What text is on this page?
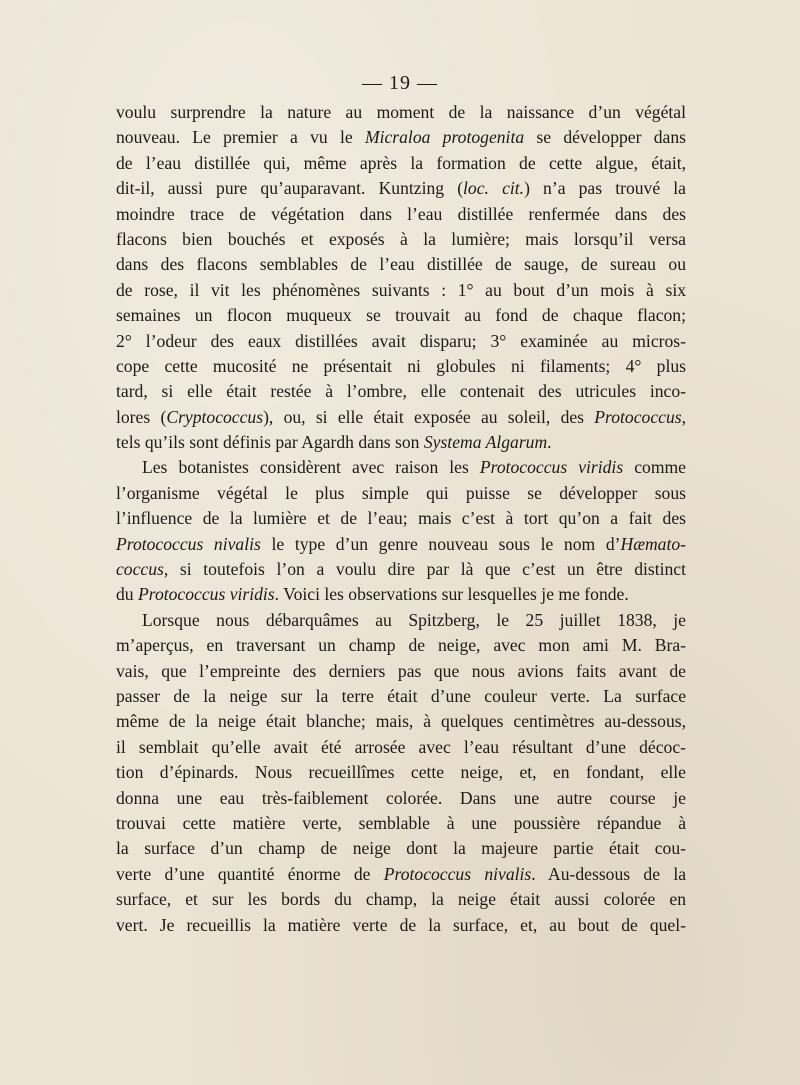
— 19 —
voulu surprendre la nature au moment de la naissance d’un végétal
nouveau. Le premier a vu le Micraloa protogenita se développer dans
de l’eau distillée qui, même après la formation de cette algue, était,
dit-il, aussi pure qu’auparavant. Kuntzing (loc. cit.) n’a pas trouvé la
moindre trace de végétation dans l’eau distillée renfermée dans des
flacons bien bouchés et exposés à la lumière; mais lorsqu’il versa
dans des flacons semblables de l’eau distillée de sauge, de sureau ou
de rose, il vit les phénomènes suivants : 1° au bout d’un mois à six
semaines un flocon muqueux se trouvait au fond de chaque flacon;
2° l’odeur des eaux distillées avait disparu; 3° examinée au micros-
cope cette mucosité ne présentait ni globules ni filaments; 4° plus
tard, si elle était restée à l’ombre, elle contenait des utricules inco-
lores (Cryptococcus), ou, si elle était exposée au soleil, des Protococcus,
tels qu’ils sont définis par Agardh dans son Systema Algarum.
Les botanistes considèrent avec raison les Protococcus viridis comme
l’organisme végétal le plus simple qui puisse se développer sous
l’influence de la lumière et de l’eau; mais c’est à tort qu’on a fait des
Protococcus nivalis le type d’un genre nouveau sous le nom d’Hæmato-
coccus, si toutefois l’on a voulu dire par là que c’est un être distinct
du Protococcus viridis. Voici les observations sur lesquelles je me fonde.
Lorsque nous débarquâmes au Spitzberg, le 25 juillet 1838, je
m’aperçus, en traversant un champ de neige, avec mon ami M. Bra-
vais, que l’empreinte des derniers pas que nous avions faits avant de
passer de la neige sur la terre était d’une couleur verte. La surface
même de la neige était blanche; mais, à quelques centimètres au-dessous,
il semblait qu’elle avait été arrosée avec l’eau résultant d’une décoc-
tion d’épinards. Nous recueillîmes cette neige, et, en fondant, elle
donna une eau très-faiblement colorée. Dans une autre course je
trouvai cette matière verte, semblable à une poussière répandue à
la surface d’un champ de neige dont la majeure partie était cou-
verte d’une quantité énorme de Protococcus nivalis. Au-dessous de la
surface, et sur les bords du champ, la neige était aussi colorée en
vert. Je recueillis la matière verte de la surface, et, au bout de quel-
